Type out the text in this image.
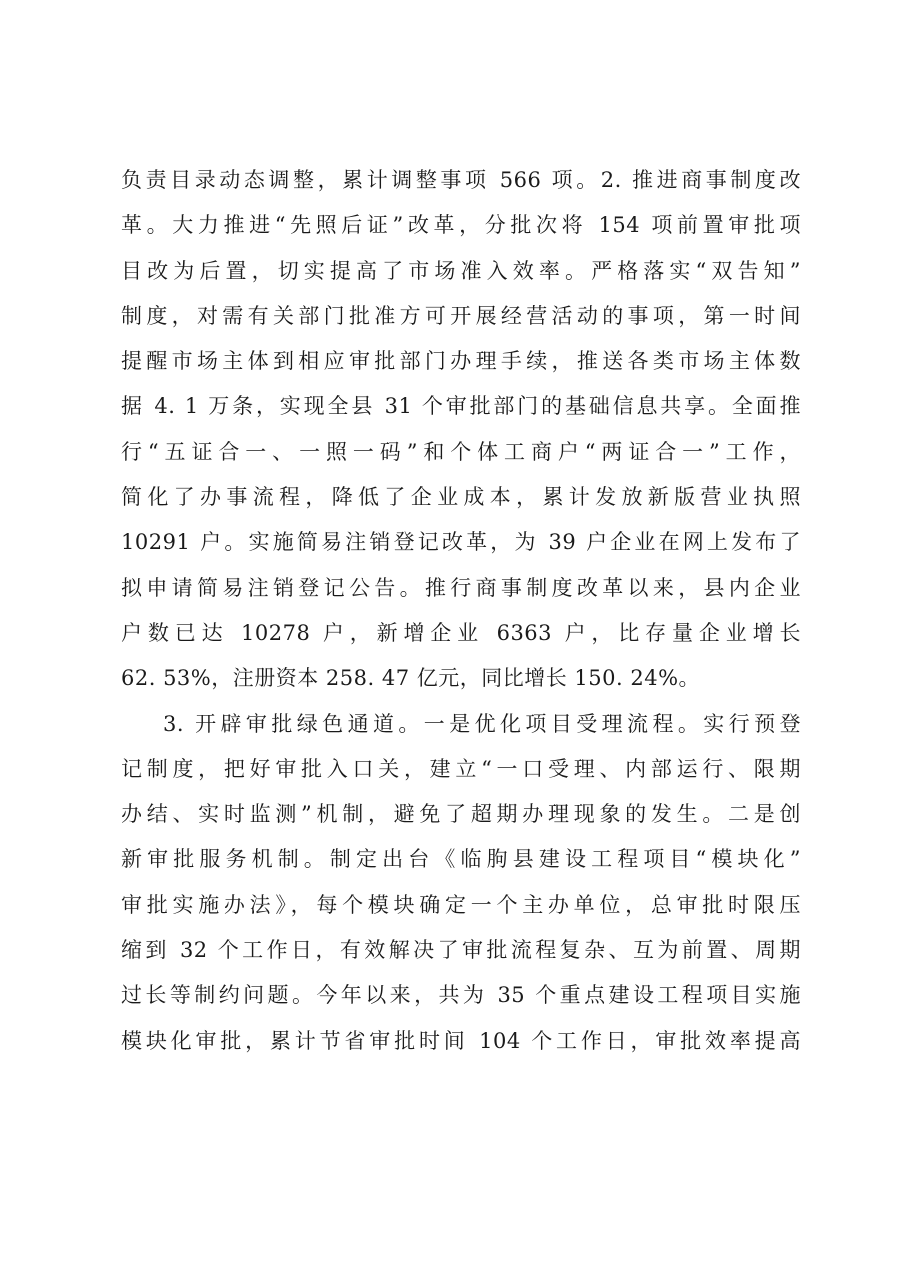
负责目录动态调整，累计调整事项 566 项。2. 推进商事制度改
革。大力推进“先照后证”改革，分批次将 154 项前置审批项
目改为后置，切实提高了市场准入效率。严格落实“双告知”
制度，对需有关部门批准方可开展经营活动的事项，第一时间
提醒市场主体到相应审批部门办理手续，推送各类市场主体数
据 4. 1 万条，实现全县 31 个审批部门的基础信息共享。全面推
行“五证合一、一照一码”和个体工商户“两证合一”工作，
简化了办事流程，降低了企业成本，累计发放新版营业执照
10291 户。实施简易注销登记改革，为 39 户企业在网上发布了
拟申请简易注销登记公告。推行商事制度改革以来，县内企业
户数已达 10278 户，新增企业 6363 户，比存量企业增长
62. 53%，注册资本 258. 47 亿元，同比增长 150. 24%。
3. 开辟审批绿色通道。一是优化项目受理流程。实行预登
记制度，把好审批入口关，建立“一口受理、内部运行、限期
办结、实时监测”机制，避免了超期办理现象的发生。二是创
新审批服务机制。制定出台《临朐县建设工程项目“模块化”
审批实施办法》，每个模块确定一个主办单位，总审批时限压
缩到 32 个工作日，有效解决了审批流程复杂、互为前置、周期
过长等制约问题。今年以来，共为 35 个重点建设工程项目实施
模块化审批，累计节省审批时间 104 个工作日，审批效率提高
